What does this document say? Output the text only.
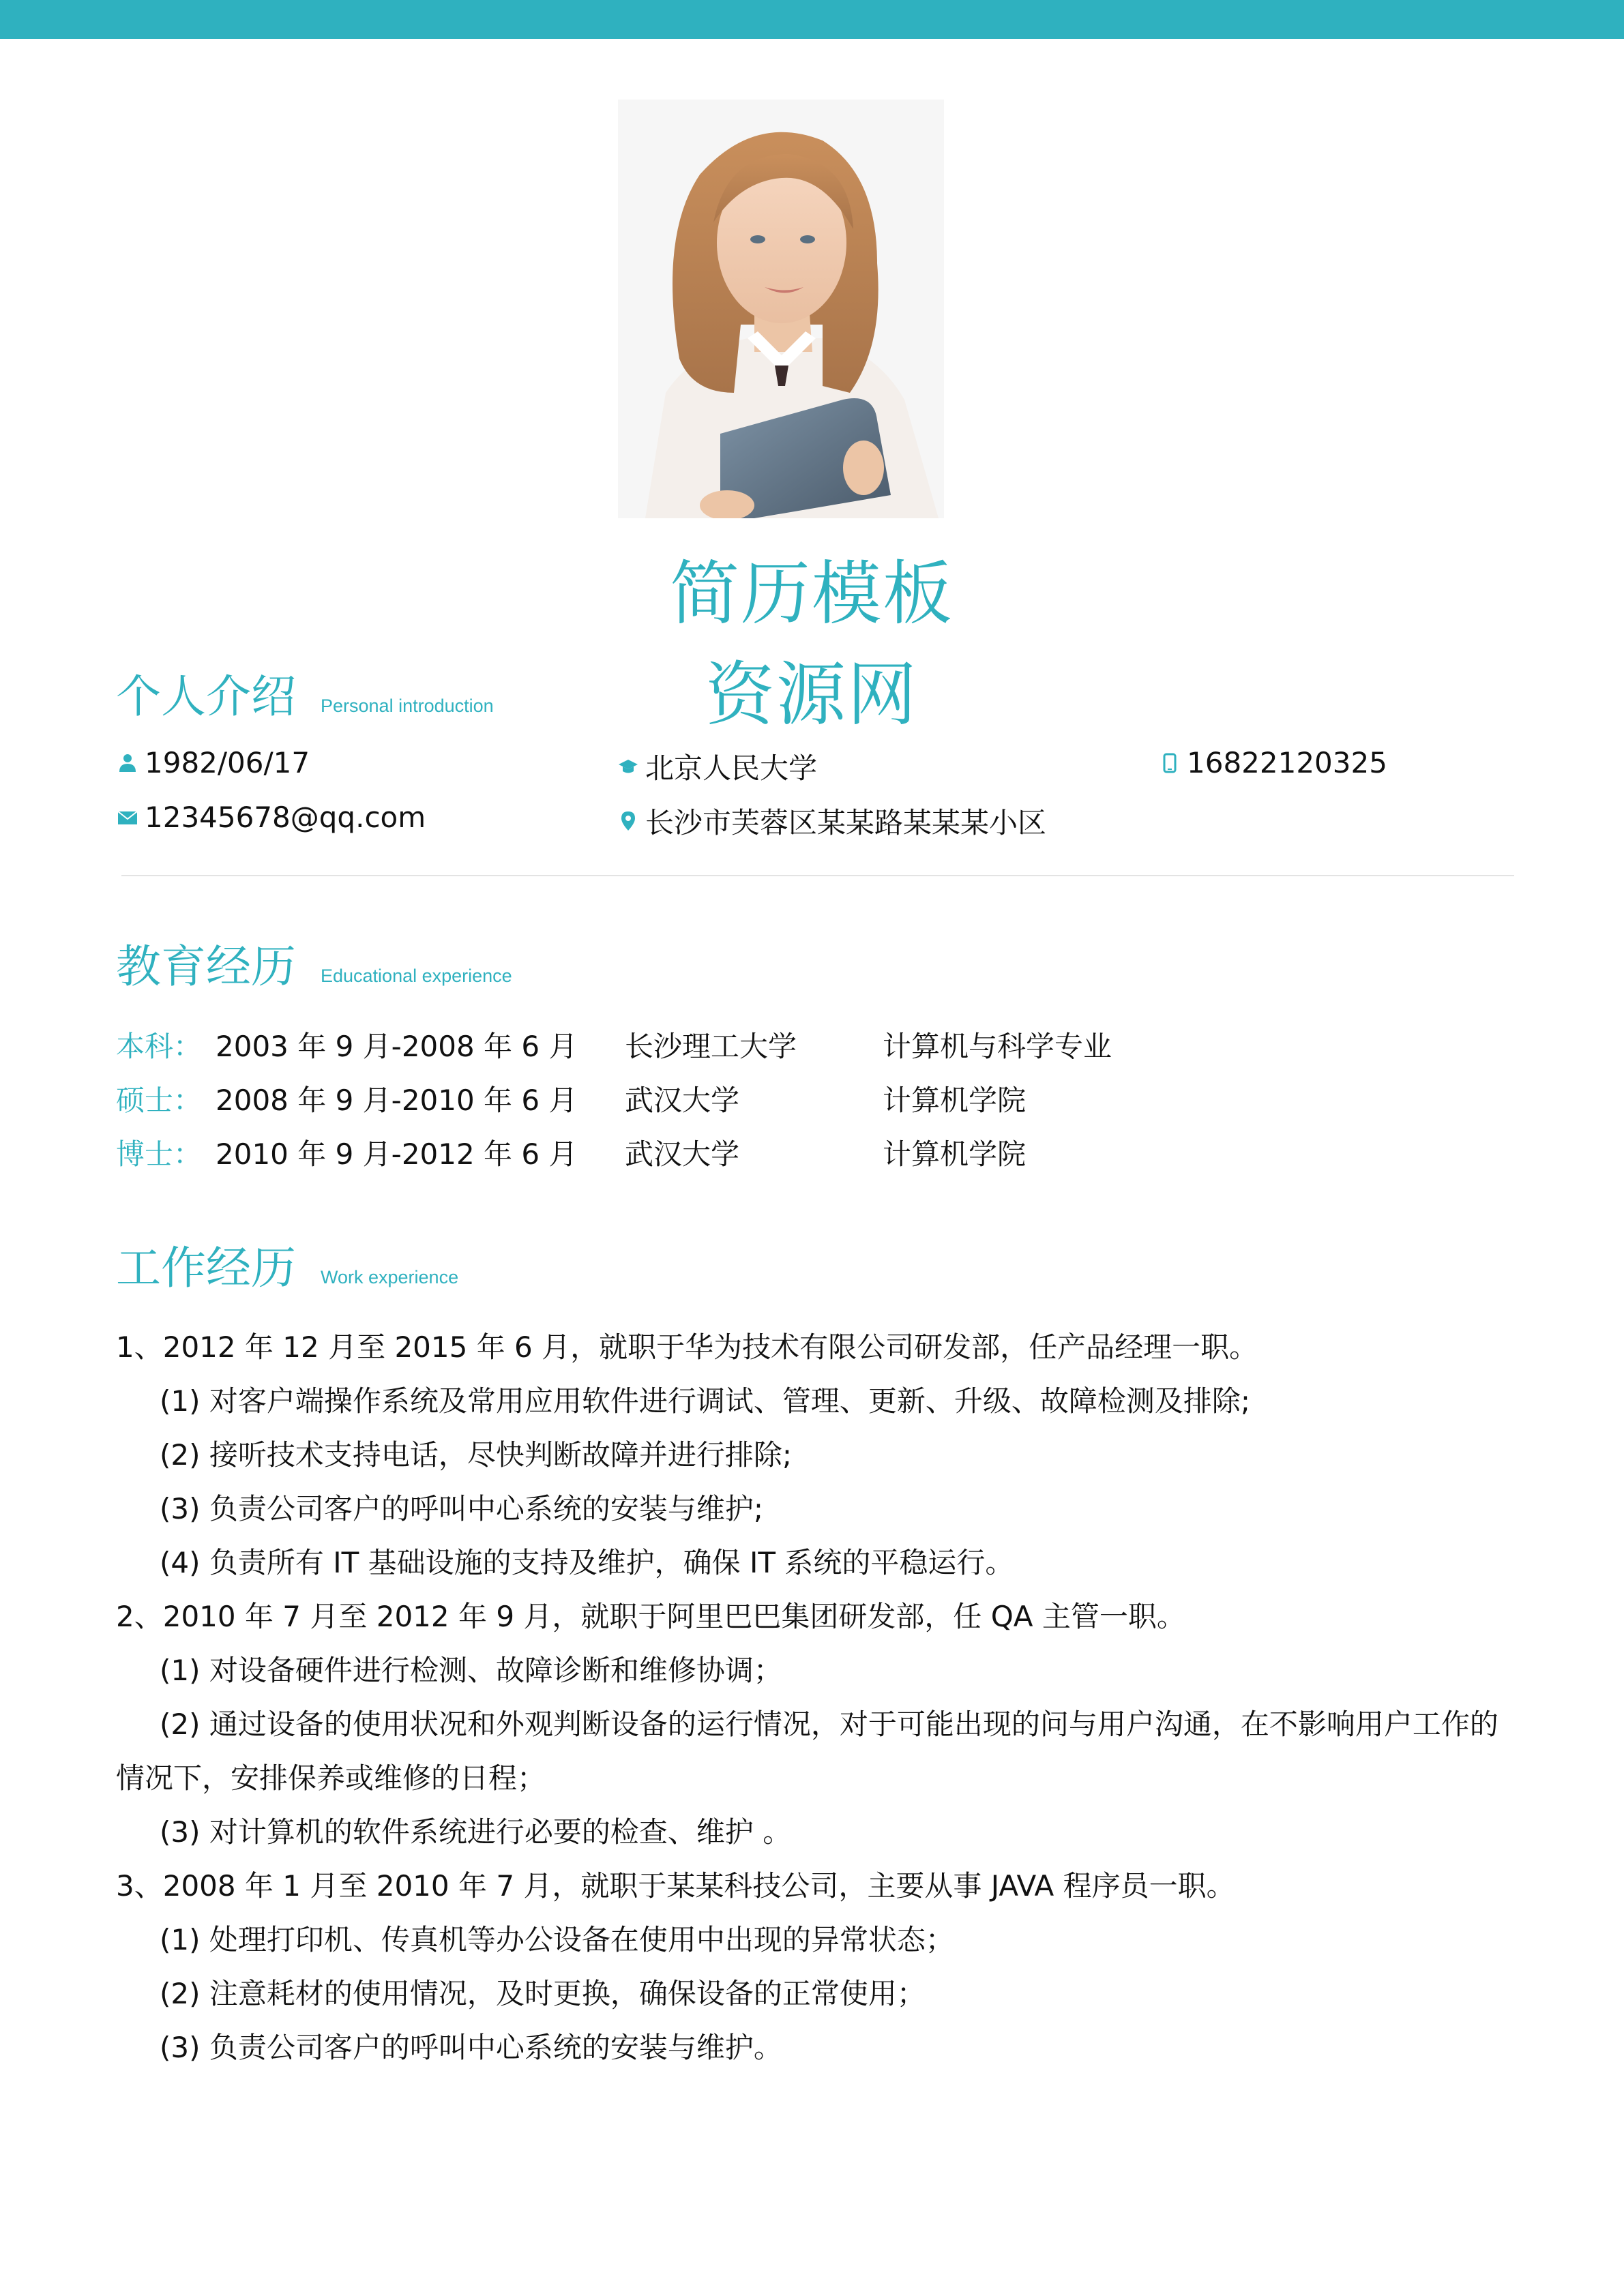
简历模板
资源网
个人介绍 Personal introduction
1982/06/17	北京人民大学	16822120325
12345678@qq.com	长沙市芙蓉区某某路某某某小区
教育经历 Educational experience
本科： 2003 年 9 月-2008 年 6 月 长沙理工大学	计算机与科学专业
硕士： 2008 年 9 月-2010 年 6 月 武汉大学	计算机学院
博士： 2010 年 9 月-2012 年 6 月 武汉大学	计算机学院
工作经历 Work experience
1、2012 年 12 月至 2015 年 6 月，就职于华为技术有限公司研发部，任产品经理一职。
(1) 对客户端操作系统及常用应用软件进行调试、管理、更新、升级、故障检测及排除;
(2) 接听技术支持电话，尽快判断故障并进行排除;
(3) 负责公司客户的呼叫中心系统的安装与维护;
(4) 负责所有 IT 基础设施的支持及维护，确保 IT 系统的平稳运行。
2、2010 年 7 月至 2012 年 9 月，就职于阿里巴巴集团研发部，任 QA 主管一职。
(1) 对设备硬件进行检测、故障诊断和维修协调；
(2) 通过设备的使用状况和外观判断设备的运行情况，对于可能出现的问与用户沟通，在不影响用户工作的情况下，安排保养或维修的日程；
(3) 对计算机的软件系统进行必要的检查、维护 。
3、2008 年 1 月至 2010 年 7 月，就职于某某科技公司，主要从事 JAVA 程序员一职。
(1) 处理打印机、传真机等办公设备在使用中出现的异常状态；
(2) 注意耗材的使用情况，及时更换，确保设备的正常使用；
(3) 负责公司客户的呼叫中心系统的安装与维护。
